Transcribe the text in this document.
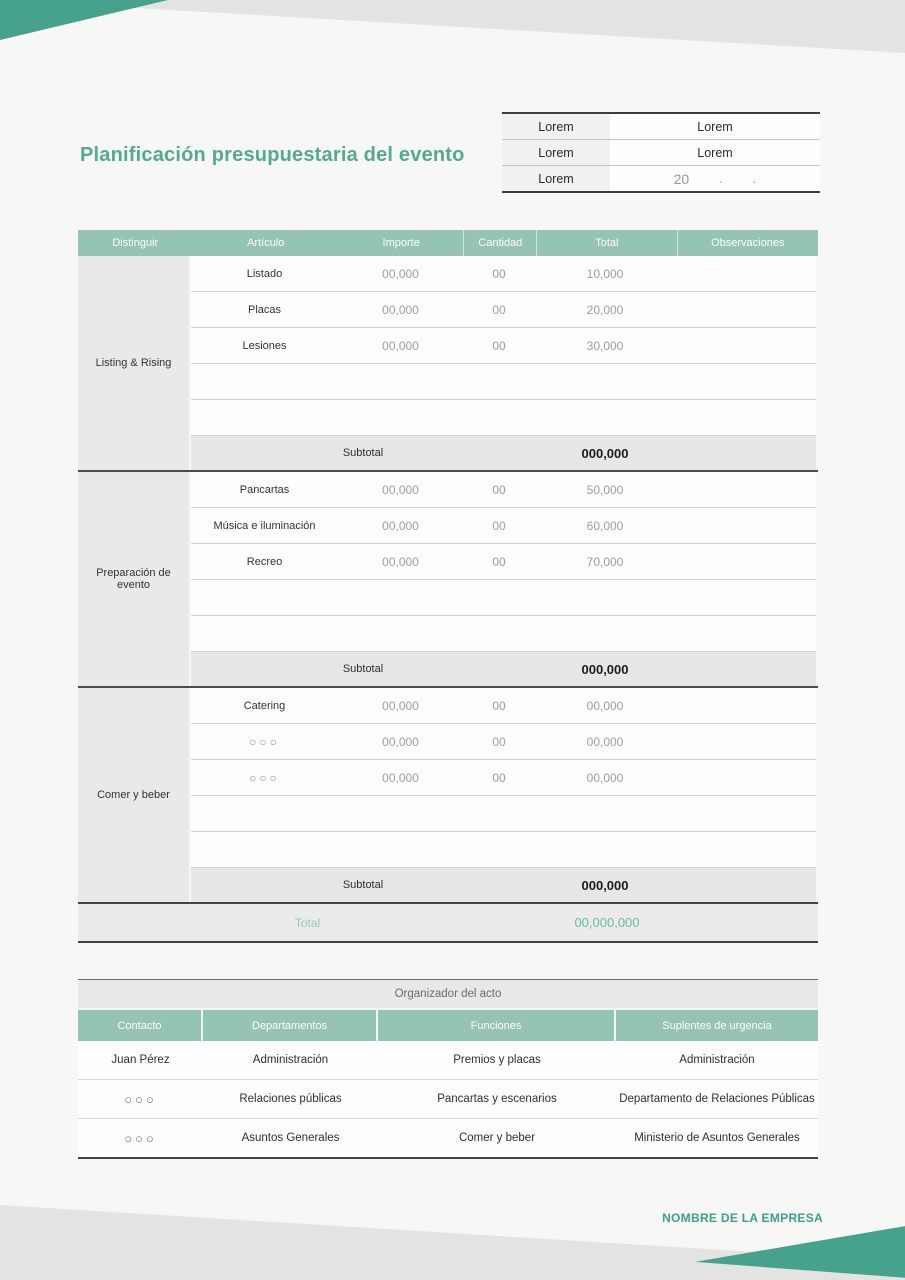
Planificación presupuestaria del evento
Lorem	Lorem
Lorem	Lorem
Lorem	20 . .
Distinguir	Artículo	Importe	Cantidad	Total	Observaciones
Listing & Rising
Listado	00,000	00	10,000
Placas	00,000	00	20,000
Lesiones	00,000	00	30,000
Subtotal	000,000
Preparación de evento
Pancartas	00,000	00	50,000
Música e iluminación	00,000	00	60,000
Recreo	00,000	00	70,000
Subtotal	000,000
Comer y beber
Catering	00,000	00	00,000
○○○	00,000	00	00,000
○○○	00,000	00	00,000
Subtotal	000,000
Total	00,000,000
Organizador del acto
Contacto	Departamentos	Funciones	Suplentes de urgencia
Juan Pérez	Administración	Premios y placas	Administración
○○○	Relaciones públicas	Pancartas y escenarios	Departamento de Relaciones Públicas
○○○	Asuntos Generales	Comer y beber	Ministerio de Asuntos Generales
NOMBRE DE LA EMPRESA
